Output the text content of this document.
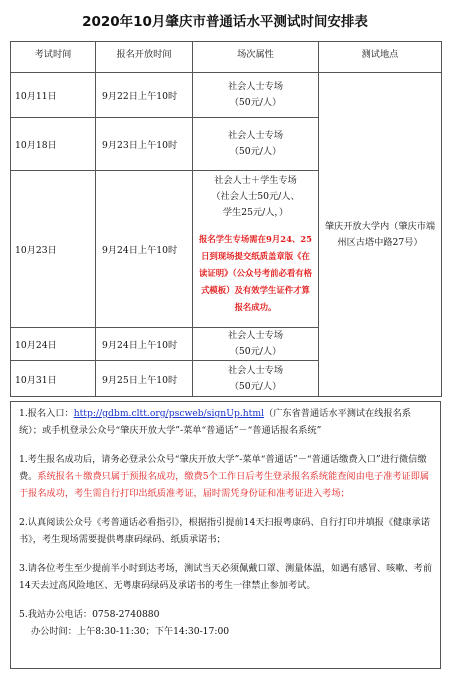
2020年10月肇庆市普通话水平测试时间安排表
考试时间	报名开放时间	场次属性	测试地点
10月11日	9月22日上午10时	社会人士专场
（50元/人）	肇庆开放大学内（肇庆市端州区古塔中路27号）
10月18日	9月23日上午10时	社会人士专场
（50元/人）	

10月23日	9月24日上午10时	社会人士＋学生专场
（社会人士50元/人、
学生25元/人，）
报名学生专场需在9月24、25日到现场提交纸质盖章版《在读证明》（公众号考前必看有格式模板）及有效学生证件才算报名成功。	

10月24日	9月24日上午10时	社会人士专场
（50元/人）	

10月31日	9月25日上午10时	社会人士专场
（50元/人）	

1.报名入口：http://gdbm.cltt.org/pscweb/signUp.html（广东省普通话水平测试在线报名系统）；或手机登录公众号“肇庆开放大学”-菜单“普通话”－“普通话报名系统”

1.考生报名成功后，请务必登录公众号“肇庆开放大学”-菜单“普通话”－“普通话缴费入口”进行微信缴费。系统报名＋缴费只属于预报名成功，缴费5个工作日后考生登录报名系统能查阅由电子准考证即属于报名成功，考生需自行打印出纸质准考证，届时需凭身份证和准考证进入考场；

2.认真阅读公众号《考普通话必看指引》，根据指引提前14天扫报粤康码、自行打印并填报《健康承诺书》，考生现场需要提供粤康码绿码、纸质承诺书；

3.请各位考生至少提前半小时到达考场，测试当天必须佩戴口罩、测量体温，如遇有感冒、咳嗽、考前14天去过高风险地区、无粤康码绿码及承诺书的考生一律禁止参加考试。

5.我站办公电话：0758-2740880

办公时间：上午8:30-11:30；下午14:30-17:00
